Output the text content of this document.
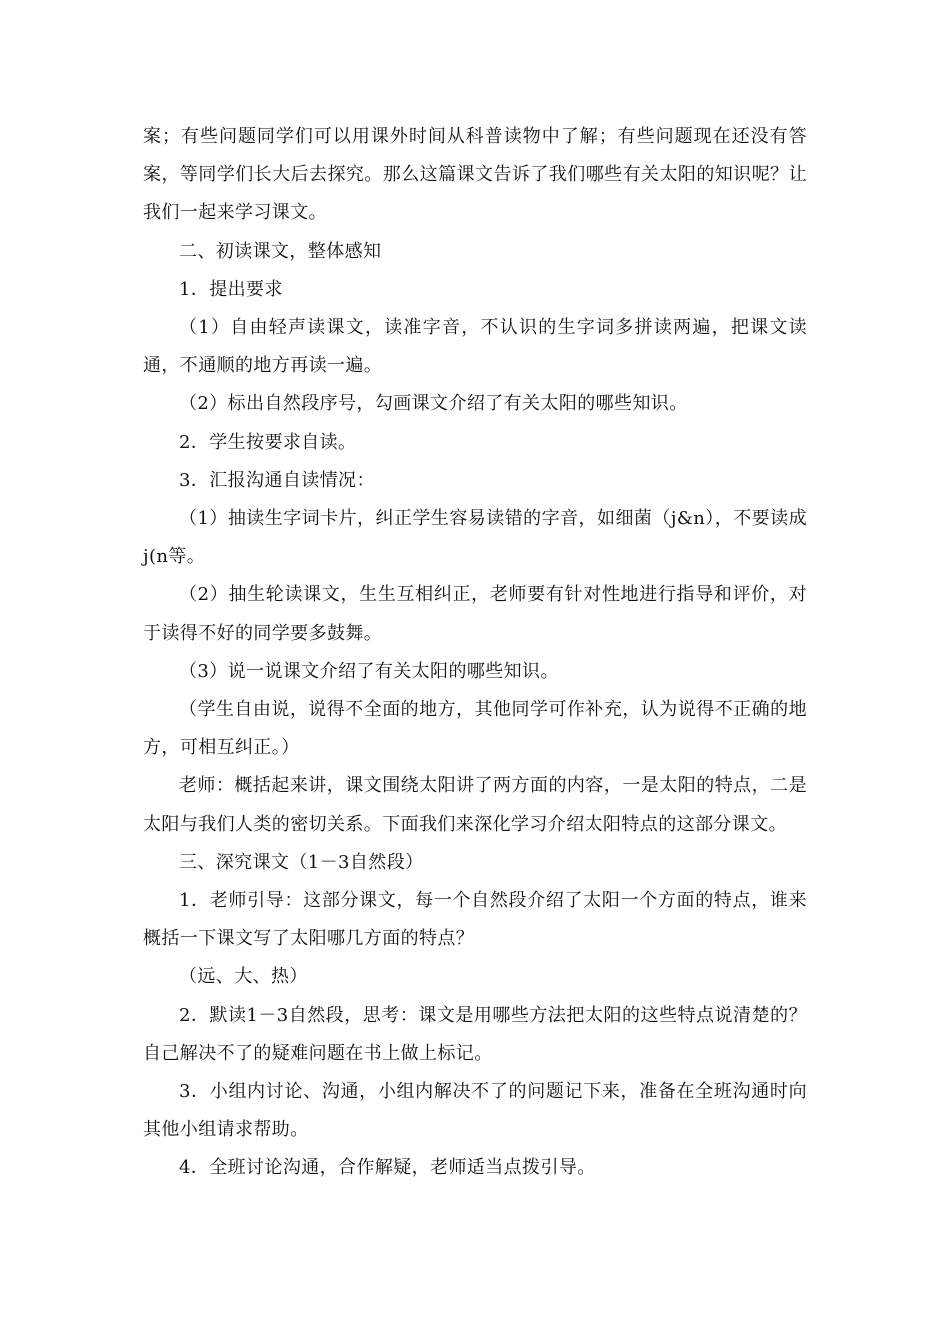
案；有些问题同学们可以用课外时间从科普读物中了解；有些问题现在还没有答案，等同学们长大后去探究。那么这篇课文告诉了我们哪些有关太阳的知识呢？让我们一起来学习课文。

二、初读课文，整体感知

1．提出要求

（1）自由轻声读课文，读准字音，不认识的生字词多拼读两遍，把课文读通，不通顺的地方再读一遍。

（2）标出自然段序号，勾画课文介绍了有关太阳的哪些知识。

2．学生按要求自读。

3．汇报沟通自读情况：

（1）抽读生字词卡片，纠正学生容易读错的字音，如细菌（j&n），不要读成j(n等。

（2）抽生轮读课文，生生互相纠正，老师要有针对性地进行指导和评价，对于读得不好的同学要多鼓舞。

（3）说一说课文介绍了有关太阳的哪些知识。

（学生自由说，说得不全面的地方，其他同学可作补充，认为说得不正确的地方，可相互纠正。）

老师：概括起来讲，课文围绕太阳讲了两方面的内容，一是太阳的特点，二是太阳与我们人类的密切关系。下面我们来深化学习介绍太阳特点的这部分课文。

三、深究课文（1－3自然段）

1．老师引导：这部分课文，每一个自然段介绍了太阳一个方面的特点，谁来概括一下课文写了太阳哪几方面的特点？

（远、大、热）

2．默读1－3自然段，思考：课文是用哪些方法把太阳的这些特点说清楚的？自己解决不了的疑难问题在书上做上标记。

3．小组内讨论、沟通，小组内解决不了的问题记下来，准备在全班沟通时向其他小组请求帮助。

4．全班讨论沟通，合作解疑，老师适当点拨引导。
